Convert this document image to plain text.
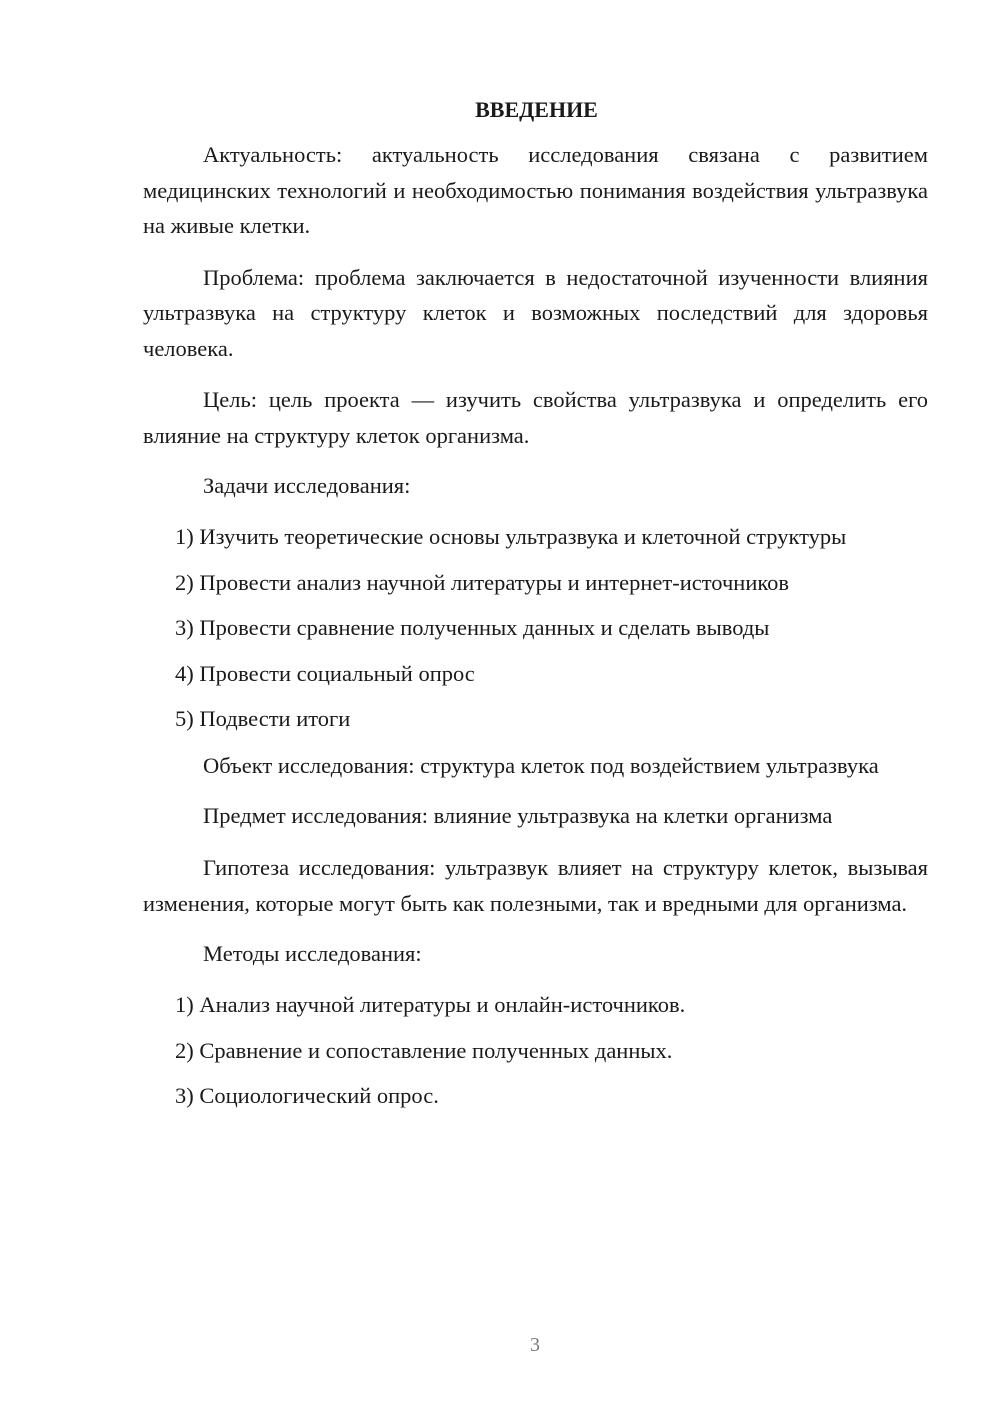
ВВЕДЕНИЕ

Актуальность: актуальность исследования связана с развитием медицинских технологий и необходимостью понимания воздействия ультразвука на живые клетки.

Проблема: проблема заключается в недостаточной изученности влияния ультразвука на структуру клеток и возможных последствий для здоровья человека.

Цель: цель проекта — изучить свойства ультразвука и определить его влияние на структуру клеток организма.

Задачи исследования:

1) Изучить теоретические основы ультразвука и клеточной структуры
2) Провести анализ научной литературы и интернет-источников
3) Провести сравнение полученных данных и сделать выводы
4) Провести социальный опрос
5) Подвести итоги

Объект исследования: структура клеток под воздействием ультразвука

Предмет исследования: влияние ультразвука на клетки организма

Гипотеза исследования: ультразвук влияет на структуру клеток, вызывая изменения, которые могут быть как полезными, так и вредными для организма.

Методы исследования:

1) Анализ научной литературы и онлайн-источников.
2) Сравнение и сопоставление полученных данных.
3) Социологический опрос.
3
